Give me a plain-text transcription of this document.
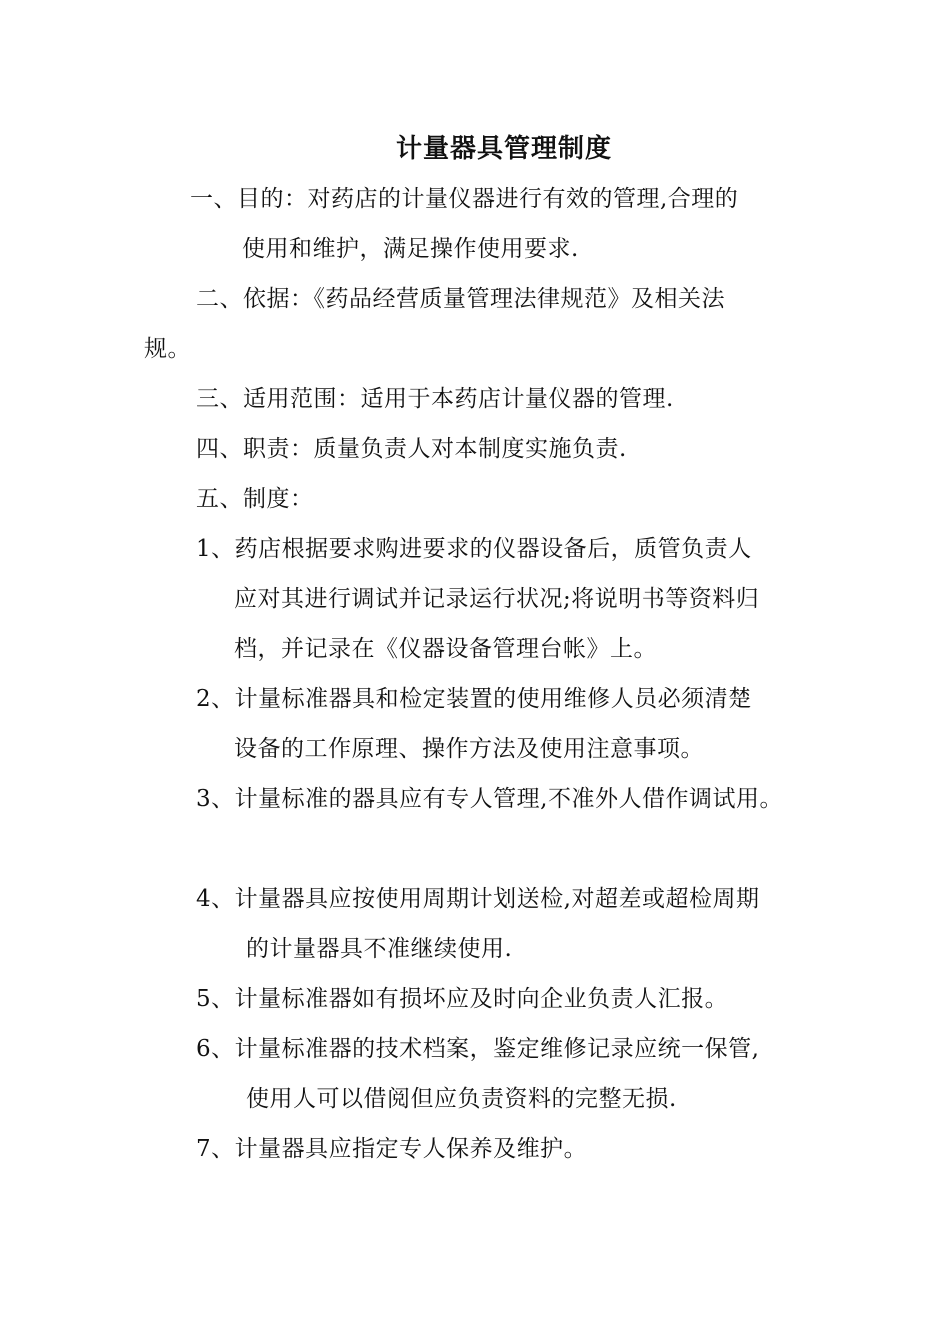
计量器具管理制度
一、目的：对药店的计量仪器进行有效的管理,合理的
使用和维护，满足操作使用要求.
二、依据：《药品经营质量管理法律规范》及相关法
规。
三、适用范围：适用于本药店计量仪器的管理.
四、职责：质量负责人对本制度实施负责.
五、制度：
1、药店根据要求购进要求的仪器设备后，质管负责人
应对其进行调试并记录运行状况;将说明书等资料归
档，并记录在《仪器设备管理台帐》上。
2、计量标准器具和检定装置的使用维修人员必须清楚
设备的工作原理、操作方法及使用注意事项。
3、计量标准的器具应有专人管理,不准外人借作调试用。
4、计量器具应按使用周期计划送检,对超差或超检周期
的计量器具不准继续使用.
5、计量标准器如有损坏应及时向企业负责人汇报。
6、计量标准器的技术档案，鉴定维修记录应统一保管,
使用人可以借阅但应负责资料的完整无损.
7、计量器具应指定专人保养及维护。
